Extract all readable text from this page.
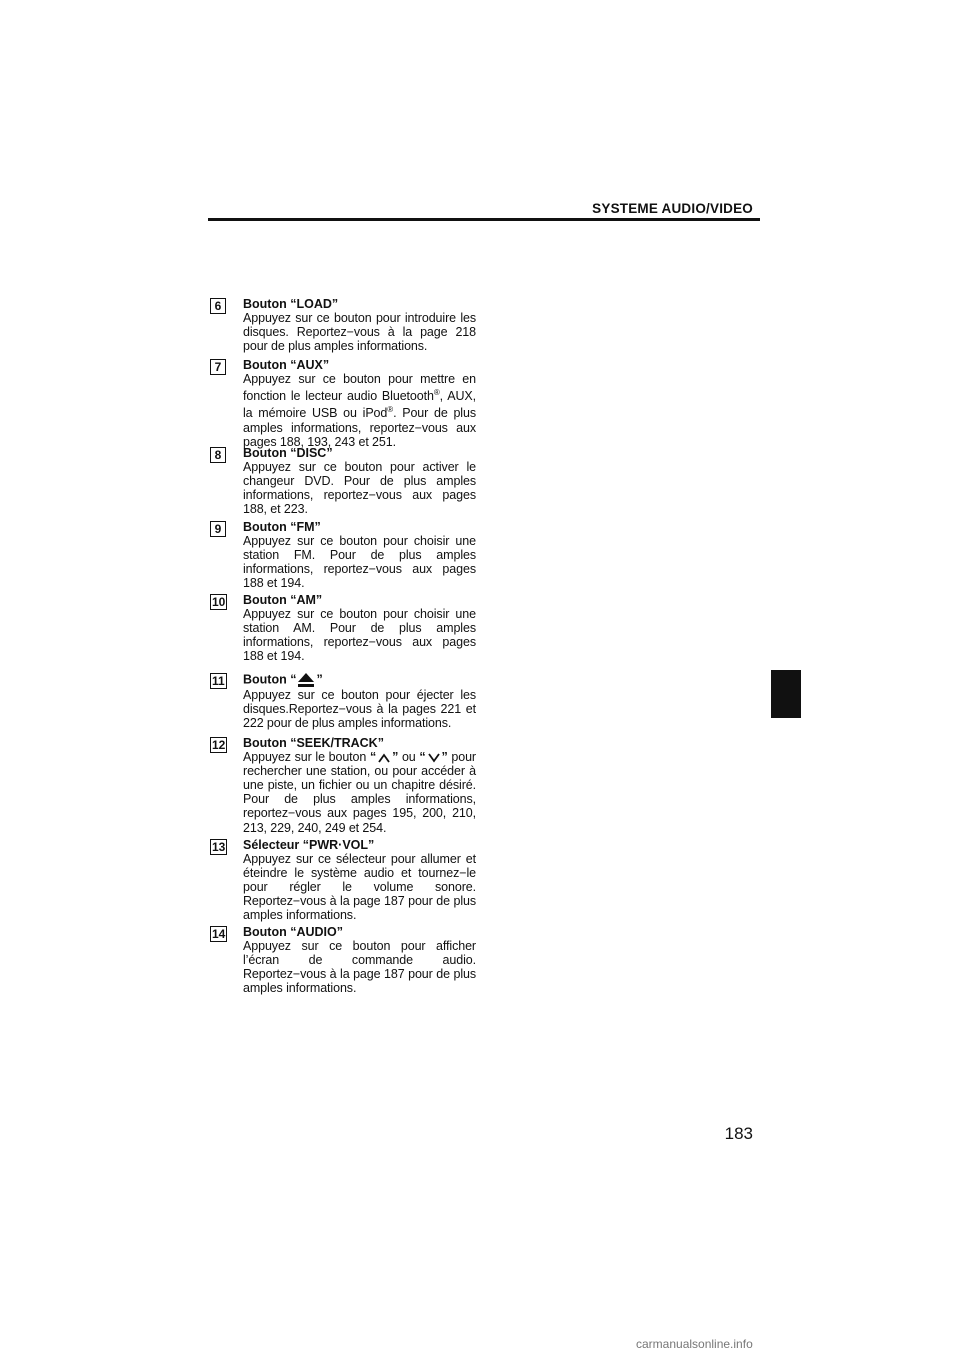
SYSTEME AUDIO/VIDEO
6	Bouton “LOAD”
Appuyez sur ce bouton pour introduire les disques. Reportez−vous à la page 218 pour de plus amples informations.
7	Bouton “AUX”
Appuyez sur ce bouton pour mettre en fonction le lecteur audio Bluetooth®, AUX, la mémoire USB ou iPod®. Pour de plus amples informations, reportez−vous aux pages 188, 193, 243 et 251.
8	Bouton “DISC”
Appuyez sur ce bouton pour activer le changeur DVD. Pour de plus amples informations, reportez−vous aux pages 188, et 223.
9	Bouton “FM”
Appuyez sur ce bouton pour choisir une station FM. Pour de plus amples informations, reportez−vous aux pages 188 et 194.
10 Bouton “AM”
Appuyez sur ce bouton pour choisir une station AM. Pour de plus amples informations, reportez−vous aux pages 188 et 194.
11 Bouton “ ”
Appuyez sur ce bouton pour éjecter les disques.Reportez−vous à la pages 221 et 222 pour de plus amples informations.
12 Bouton “SEEK/TRACK”
Appuyez sur le bouton “ ” ou “ ” pour rechercher une station, ou pour accéder à une piste, un fichier ou un chapitre désiré. Pour de plus amples informations, reportez−vous aux pages 195, 200, 210, 213, 229, 240, 249 et 254.
13 Sélecteur “PWR·VOL”
Appuyez sur ce sélecteur pour allumer et éteindre le système audio et tournez−le pour régler le volume sonore. Reportez−vous à la page 187 pour de plus amples informations.
14 Bouton “AUDIO”
Appuyez sur ce bouton pour afficher l’écran de commande audio. Reportez−vous à la page 187 pour de plus amples informations.
183
carmanualsonline.info
